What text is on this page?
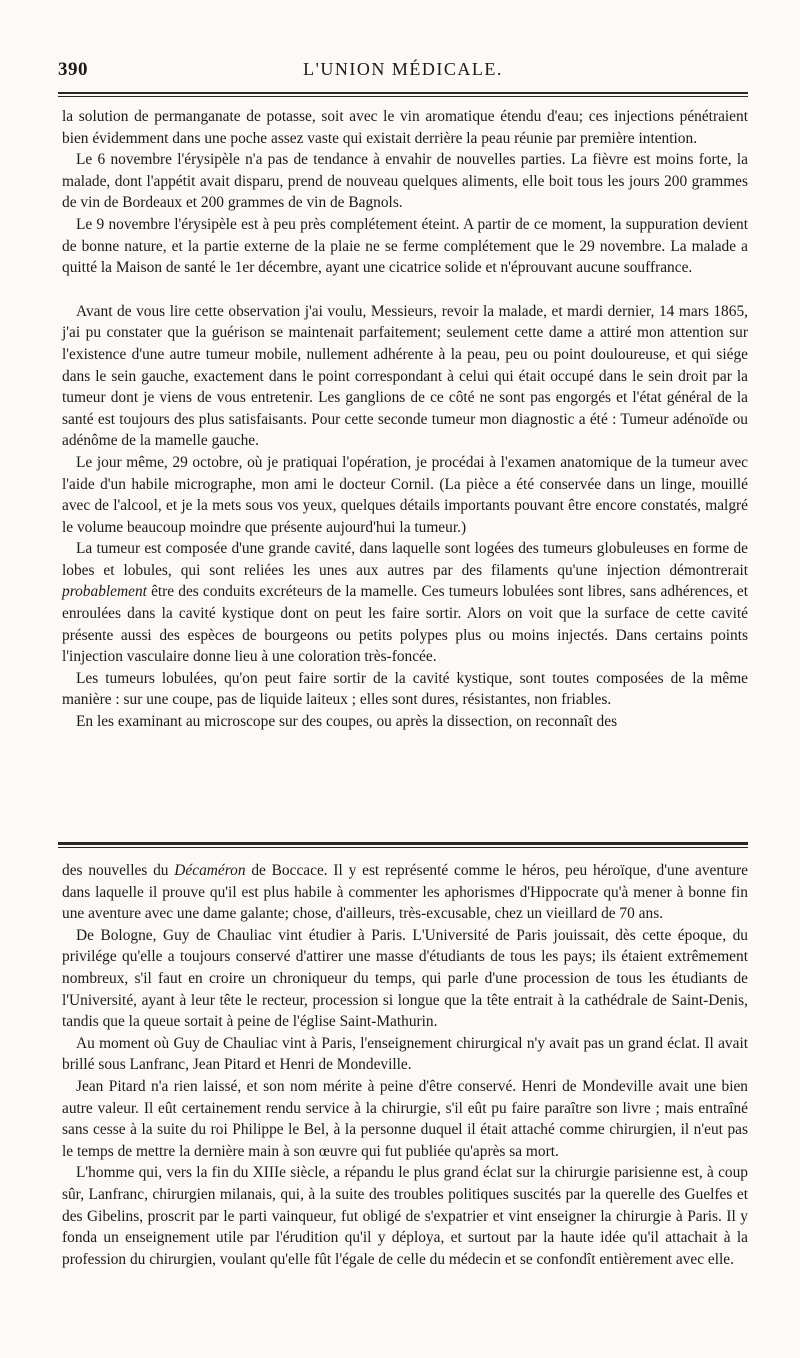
390	L'UNION MÉDICALE.

la solution de permanganate de potasse, soit avec le vin aromatique étendu d'eau; ces injections pénétraient bien évidemment dans une poche assez vaste qui existait derrière la peau réunie par première intention.

Le 6 novembre l'érysipèle n'a pas de tendance à envahir de nouvelles parties. La fièvre est moins forte, la malade, dont l'appétit avait disparu, prend de nouveau quelques aliments, elle boit tous les jours 200 grammes de vin de Bordeaux et 200 grammes de vin de Bagnols.

Le 9 novembre l'érysipèle est à peu près complétement éteint. A partir de ce moment, la suppuration devient de bonne nature, et la partie externe de la plaie ne se ferme complétement que le 29 novembre. La malade a quitté la Maison de santé le 1er décembre, ayant une cicatrice solide et n'éprouvant aucune souffrance.

Avant de vous lire cette observation j'ai voulu, Messieurs, revoir la malade, et mardi dernier, 14 mars 1865, j'ai pu constater que la guérison se maintenait parfaitement; seulement cette dame a attiré mon attention sur l'existence d'une autre tumeur mobile, nullement adhérente à la peau, peu ou point douloureuse, et qui siége dans le sein gauche, exactement dans le point correspondant à celui qui était occupé dans le sein droit par la tumeur dont je viens de vous entretenir. Les ganglions de ce côté ne sont pas engorgés et l'état général de la santé est toujours des plus satisfaisants. Pour cette seconde tumeur mon diagnostic a été : Tumeur adénoïde ou adénôme de la mamelle gauche.

Le jour même, 29 octobre, où je pratiquai l'opération, je procédai à l'examen anatomique de la tumeur avec l'aide d'un habile micrographe, mon ami le docteur Cornil. (La pièce a été conservée dans un linge, mouillé avec de l'alcool, et je la mets sous vos yeux, quelques détails importants pouvant être encore constatés, malgré le volume beaucoup moindre que présente aujourd'hui la tumeur.)

La tumeur est composée d'une grande cavité, dans laquelle sont logées des tumeurs globuleuses en forme de lobes et lobules, qui sont reliées les unes aux autres par des filaments qu'une injection démontrerait probablement être des conduits excréteurs de la mamelle. Ces tumeurs lobulées sont libres, sans adhérences, et enroulées dans la cavité kystique dont on peut les faire sortir. Alors on voit que la surface de cette cavité présente aussi des espèces de bourgeons ou petits polypes plus ou moins injectés. Dans certains points l'injection vasculaire donne lieu à une coloration très-foncée.

Les tumeurs lobulées, qu'on peut faire sortir de la cavité kystique, sont toutes composées de la même manière : sur une coupe, pas de liquide laiteux ; elles sont dures, résistantes, non friables.

En les examinant au microscope sur des coupes, ou après la dissection, on reconnaît des

des nouvelles du Décaméron de Boccace. Il y est représenté comme le héros, peu héroïque, d'une aventure dans laquelle il prouve qu'il est plus habile à commenter les aphorismes d'Hippocrate qu'à mener à bonne fin une aventure avec une dame galante; chose, d'ailleurs, très-excusable, chez un vieillard de 70 ans.

De Bologne, Guy de Chauliac vint étudier à Paris. L'Université de Paris jouissait, dès cette époque, du privilége qu'elle a toujours conservé d'attirer une masse d'étudiants de tous les pays; ils étaient extrêmement nombreux, s'il faut en croire un chroniqueur du temps, qui parle d'une procession de tous les étudiants de l'Université, ayant à leur tête le recteur, procession si longue que la tête entrait à la cathédrale de Saint-Denis, tandis que la queue sortait à peine de l'église Saint-Mathurin.

Au moment où Guy de Chauliac vint à Paris, l'enseignement chirurgical n'y avait pas un grand éclat. Il avait brillé sous Lanfranc, Jean Pitard et Henri de Mondeville.

Jean Pitard n'a rien laissé, et son nom mérite à peine d'être conservé. Henri de Mondeville avait une bien autre valeur. Il eût certainement rendu service à la chirurgie, s'il eût pu faire paraître son livre ; mais entraîné sans cesse à la suite du roi Philippe le Bel, à la personne duquel il était attaché comme chirurgien, il n'eut pas le temps de mettre la dernière main à son œuvre qui fut publiée qu'après sa mort.

L'homme qui, vers la fin du XIIIe siècle, a répandu le plus grand éclat sur la chirurgie parisienne est, à coup sûr, Lanfranc, chirurgien milanais, qui, à la suite des troubles politiques suscités par la querelle des Guelfes et des Gibelins, proscrit par le parti vainqueur, fut obligé de s'expatrier et vint enseigner la chirurgie à Paris. Il y fonda un enseignement utile par l'érudition qu'il y déploya, et surtout par la haute idée qu'il attachait à la profession du chirurgien, voulant qu'elle fût l'égale de celle du médecin et se confondît entièrement avec elle.
